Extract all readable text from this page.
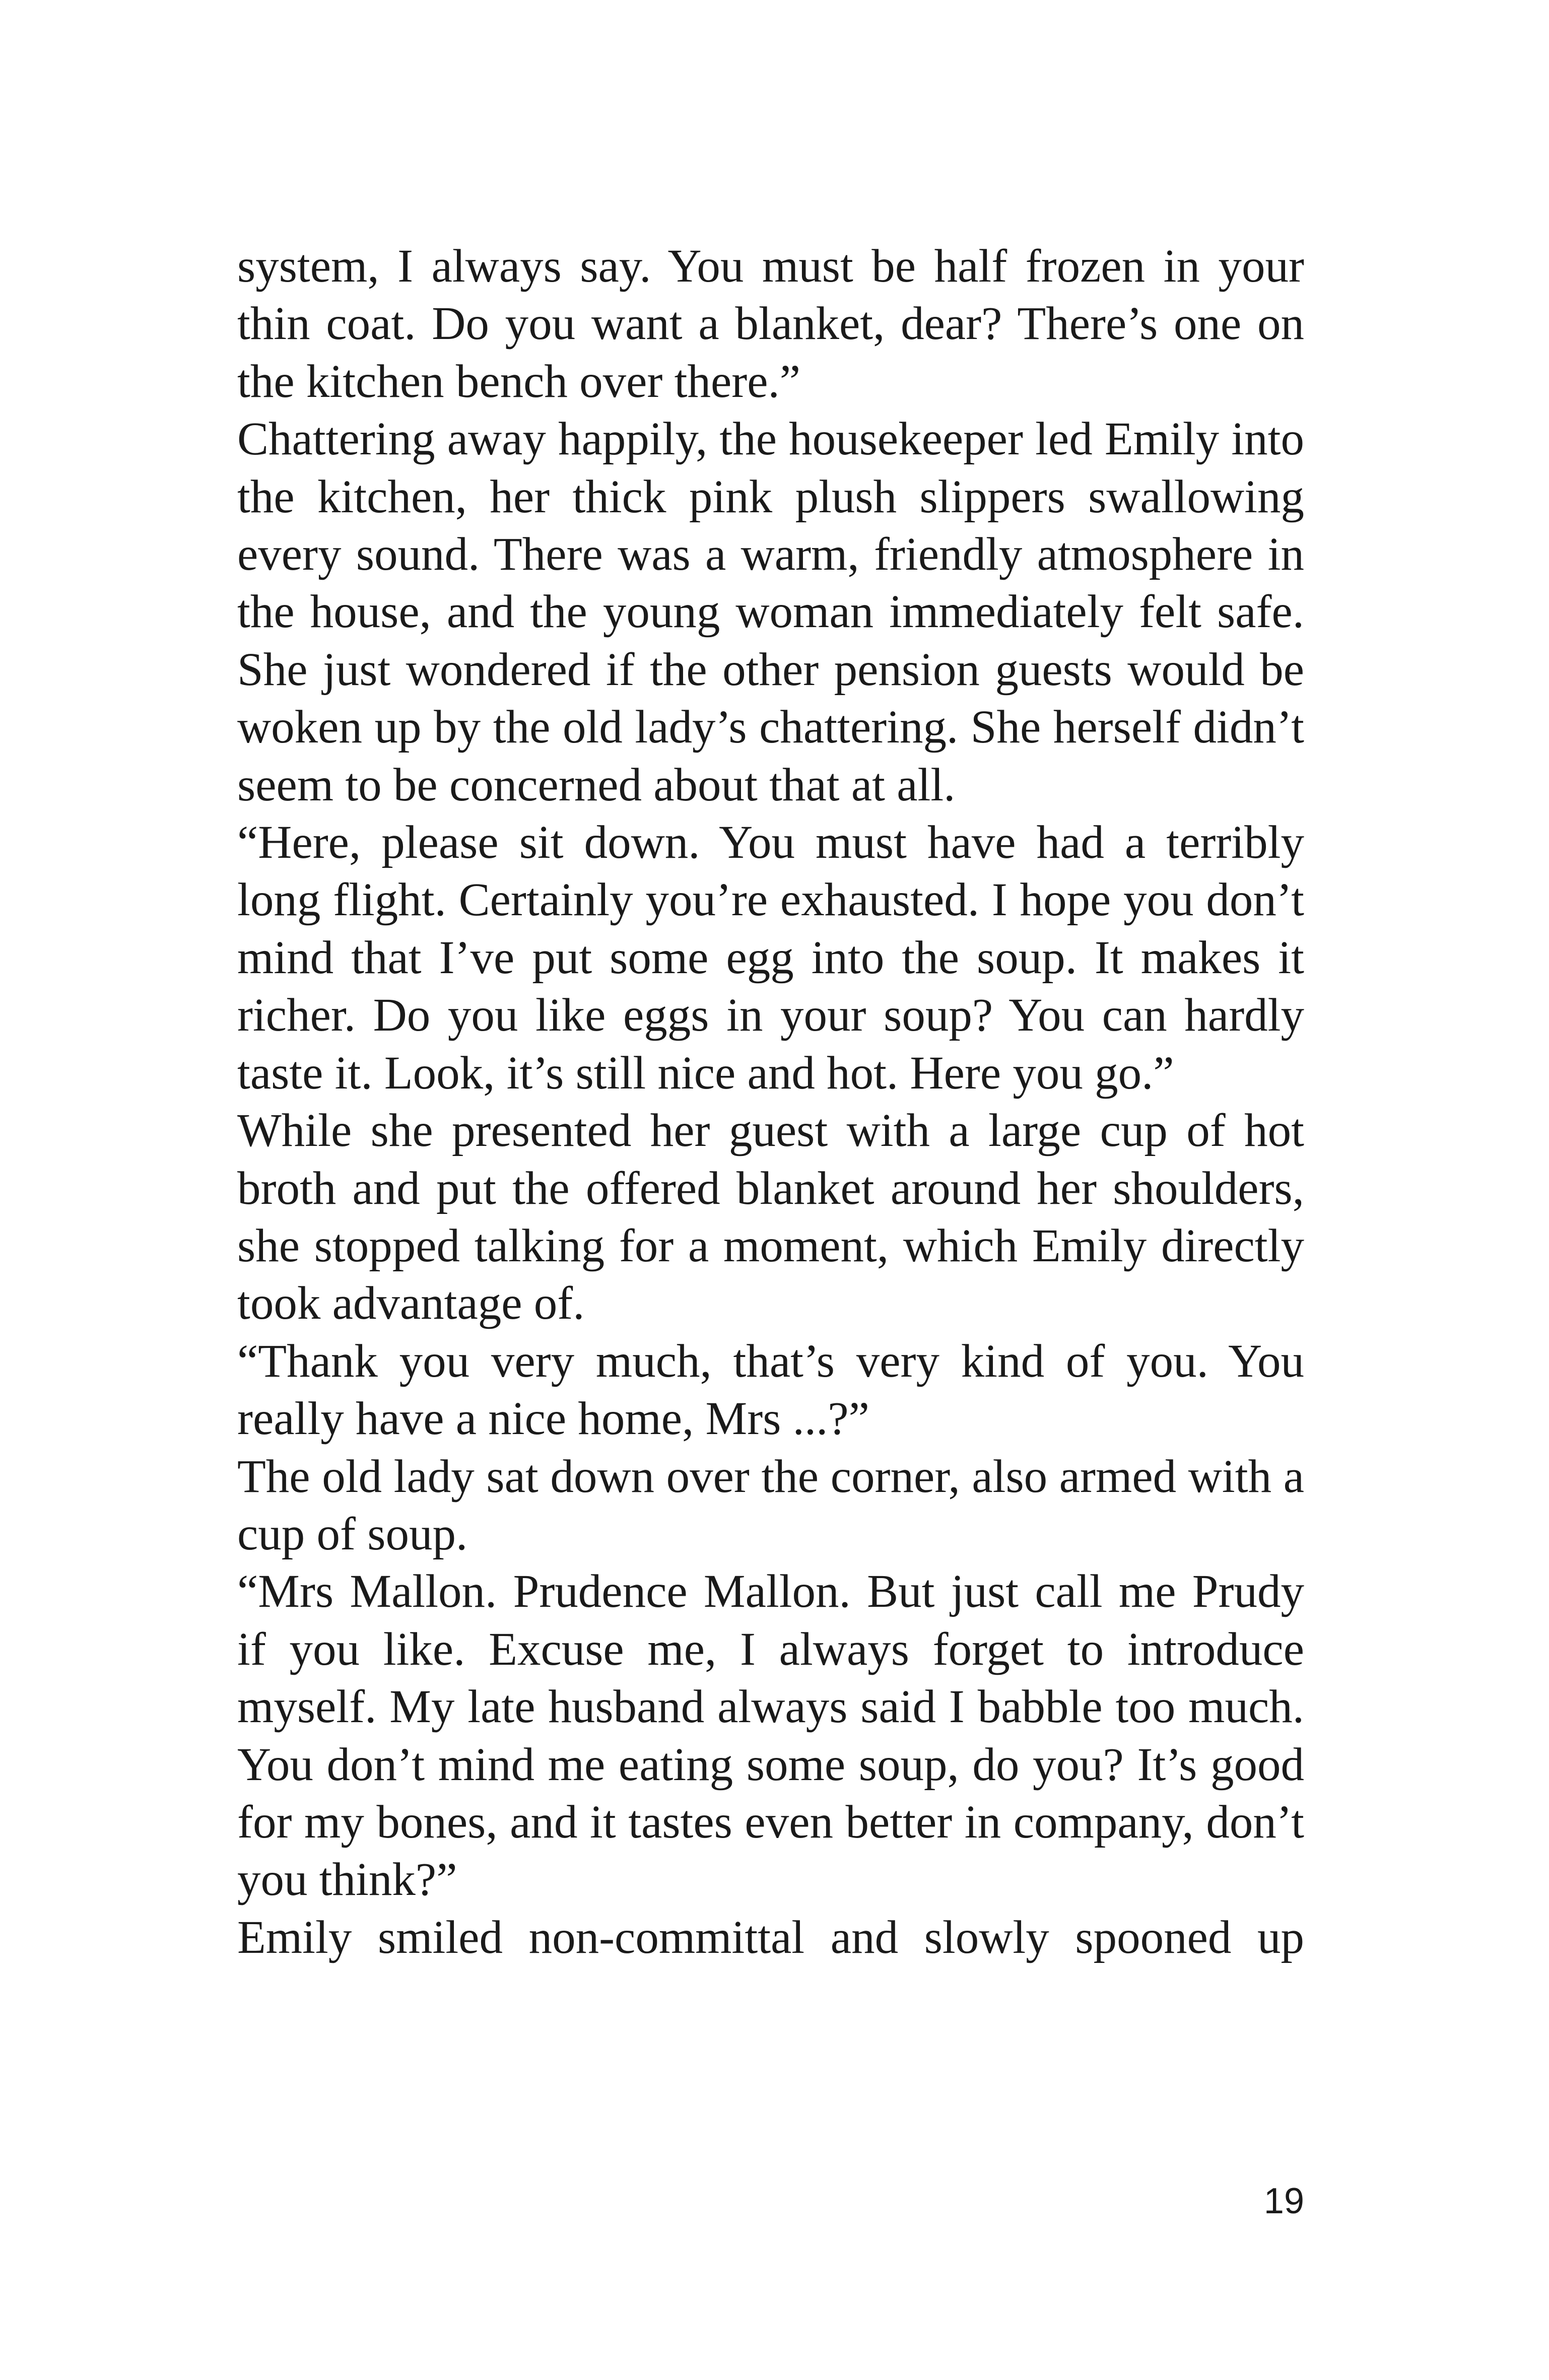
system, I always say. You must be half frozen in your thin coat. Do you want a blanket, dear? There’s one on the kitchen bench over there.”

Chattering away happily, the housekeeper led Emily into the kitchen, her thick pink plush slippers swallowing every sound. There was a warm, friendly atmosphere in the house, and the young woman immediately felt safe. She just wondered if the other pension guests would be woken up by the old lady’s chattering. She herself didn’t seem to be concerned about that at all.

“Here, please sit down. You must have had a terribly long flight. Certainly you’re exhausted. I hope you don’t mind that I’ve put some egg into the soup. It makes it richer. Do you like eggs in your soup? You can hardly taste it. Look, it’s still nice and hot. Here you go.”

While she presented her guest with a large cup of hot broth and put the offered blanket around her shoulders, she stopped talking for a moment, which Emily directly took advantage of.

“Thank you very much, that’s very kind of you. You really have a nice home, Mrs ...?”

The old lady sat down over the corner, also armed with a cup of soup.

“Mrs Mallon. Prudence Mallon. But just call me Prudy if you like. Excuse me, I always forget to introduce myself. My late husband always said I babble too much. You don’t mind me eating some soup, do you? It’s good for my bones, and it tastes even better in company, don’t you think?”

Emily smiled non-committal and slowly spooned up

19
